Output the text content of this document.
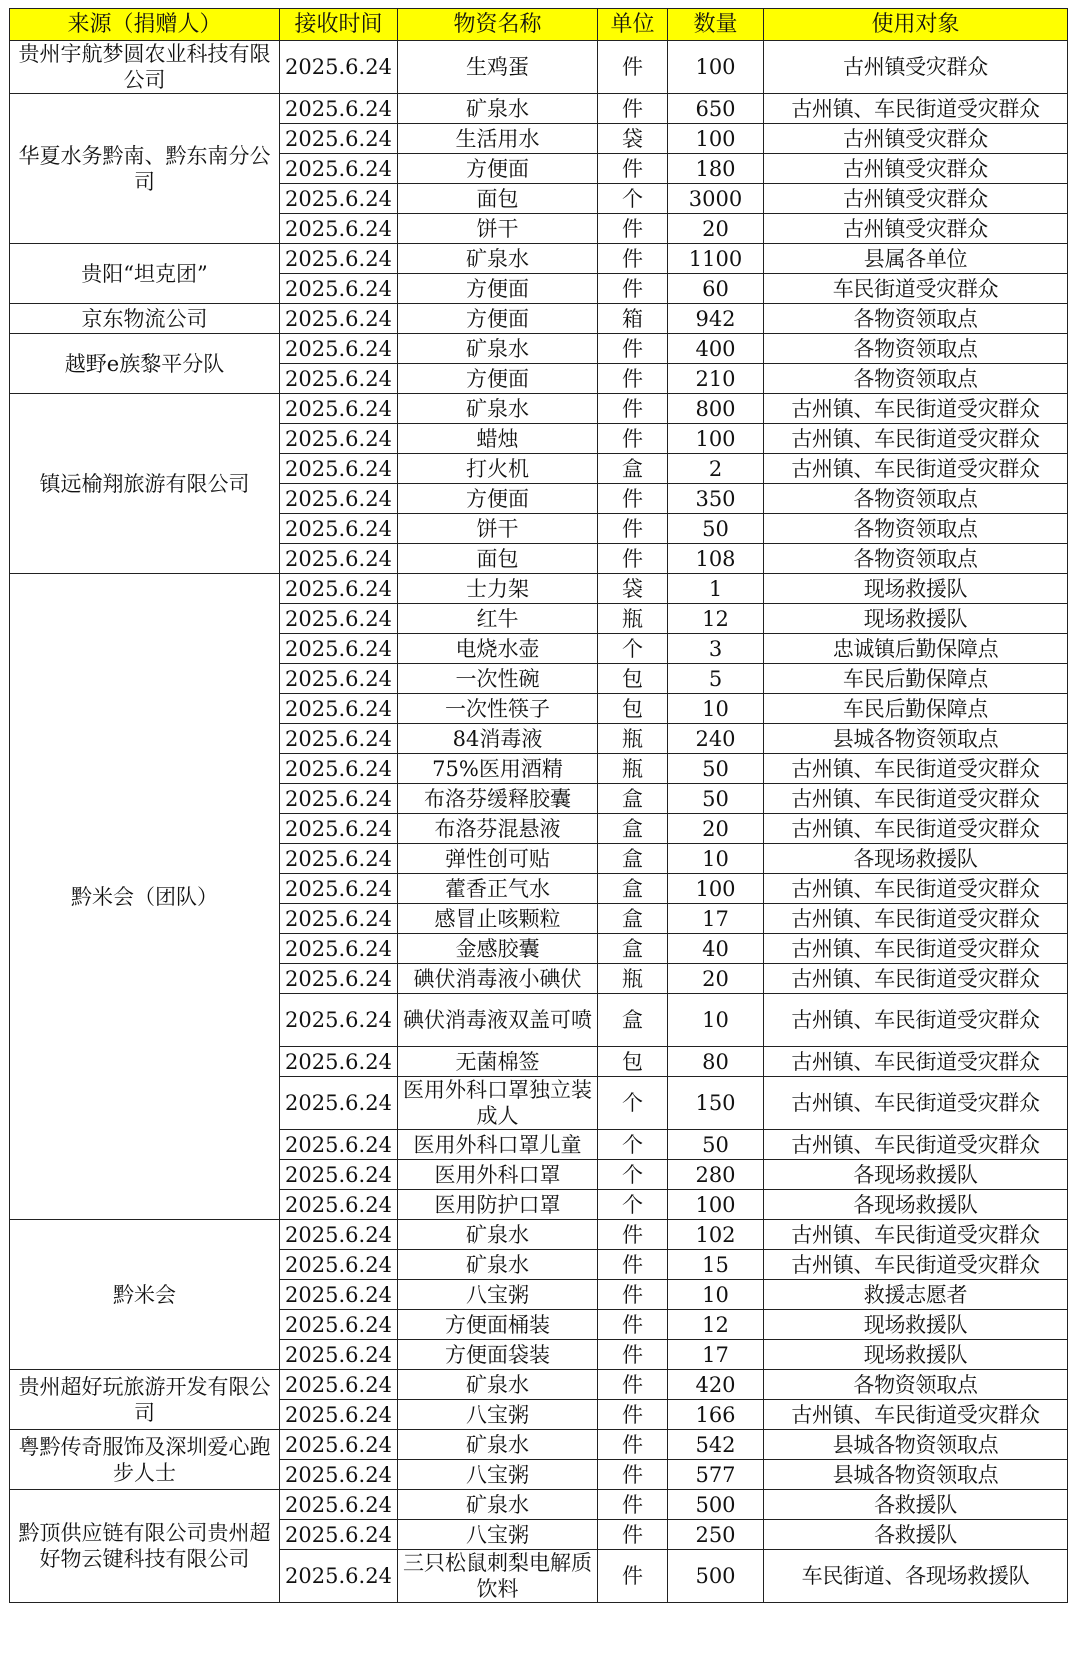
来源（捐赠人）	接收时间	物资名称	单位	数量	使用对象
贵州宇航梦圆农业科技有限公司	2025.6.24	生鸡蛋	件	100	古州镇受灾群众
华夏水务黔南、黔东南分公司	2025.6.24	矿泉水	件	650	古州镇、车民街道受灾群众
	2025.6.24	生活用水	袋	100	古州镇受灾群众
	2025.6.24	方便面	件	180	古州镇受灾群众
	2025.6.24	面包	个	3000	古州镇受灾群众
	2025.6.24	饼干	件	20	古州镇受灾群众
贵阳“坦克团”	2025.6.24	矿泉水	件	1100	县属各单位
	2025.6.24	方便面	件	60	车民街道受灾群众
京东物流公司	2025.6.24	方便面	箱	942	各物资领取点
越野e族黎平分队	2025.6.24	矿泉水	件	400	各物资领取点
	2025.6.24	方便面	件	210	各物资领取点
镇远榆翔旅游有限公司	2025.6.24	矿泉水	件	800	古州镇、车民街道受灾群众
	2025.6.24	蜡烛	件	100	古州镇、车民街道受灾群众
	2025.6.24	打火机	盒	2	古州镇、车民街道受灾群众
	2025.6.24	方便面	件	350	各物资领取点
	2025.6.24	饼干	件	50	各物资领取点
	2025.6.24	面包	件	108	各物资领取点
黔米会（团队）	2025.6.24	士力架	袋	1	现场救援队
	2025.6.24	红牛	瓶	12	现场救援队
	2025.6.24	电烧水壶	个	3	忠诚镇后勤保障点
	2025.6.24	一次性碗	包	5	车民后勤保障点
	2025.6.24	一次性筷子	包	10	车民后勤保障点
	2025.6.24	84消毒液	瓶	240	县城各物资领取点
	2025.6.24	75%医用酒精	瓶	50	古州镇、车民街道受灾群众
	2025.6.24	布洛芬缓释胶囊	盒	50	古州镇、车民街道受灾群众
	2025.6.24	布洛芬混悬液	盒	20	古州镇、车民街道受灾群众
	2025.6.24	弹性创可贴	盒	10	各现场救援队
	2025.6.24	藿香正气水	盒	100	古州镇、车民街道受灾群众
	2025.6.24	感冒止咳颗粒	盒	17	古州镇、车民街道受灾群众
	2025.6.24	金感胶囊	盒	40	古州镇、车民街道受灾群众
	2025.6.24	碘伏消毒液小碘伏	瓶	20	古州镇、车民街道受灾群众
	2025.6.24	碘伏消毒液双盖可喷	盒	10	古州镇、车民街道受灾群众
	2025.6.24	无菌棉签	包	80	古州镇、车民街道受灾群众
	2025.6.24	医用外科口罩独立装成人	个	150	古州镇、车民街道受灾群众
	2025.6.24	医用外科口罩儿童	个	50	古州镇、车民街道受灾群众
	2025.6.24	医用外科口罩	个	280	各现场救援队
	2025.6.24	医用防护口罩	个	100	各现场救援队
黔米会	2025.6.24	矿泉水	件	102	古州镇、车民街道受灾群众
	2025.6.24	矿泉水	件	15	古州镇、车民街道受灾群众
	2025.6.24	八宝粥	件	10	救援志愿者
	2025.6.24	方便面桶装	件	12	现场救援队
	2025.6.24	方便面袋装	件	17	现场救援队
贵州超好玩旅游开发有限公司	2025.6.24	矿泉水	件	420	各物资领取点
	2025.6.24	八宝粥	件	166	古州镇、车民街道受灾群众
粤黔传奇服饰及深圳爱心跑步人士	2025.6.24	矿泉水	件	542	县城各物资领取点
	2025.6.24	八宝粥	件	577	县城各物资领取点
黔顶供应链有限公司贵州超好物云键科技有限公司	2025.6.24	矿泉水	件	500	各救援队
	2025.6.24	八宝粥	件	250	各救援队
	2025.6.24	三只松鼠刺梨电解质饮料	件	500	车民街道、各现场救援队
